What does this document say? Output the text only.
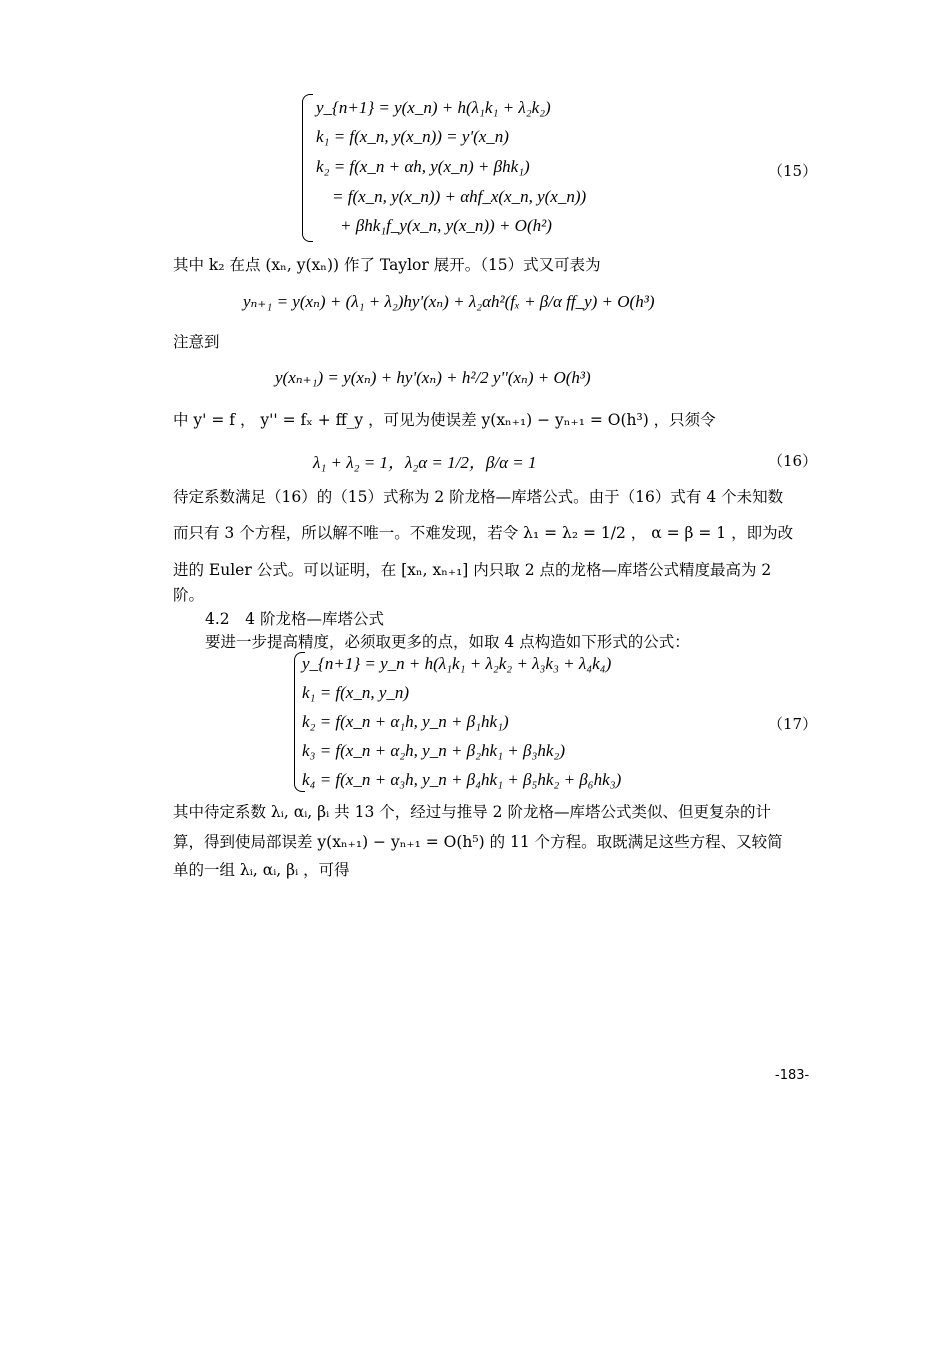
y_{n+1} = y(x_n) + h(λ₁k₁ + λ₂k₂)
k₁ = f(x_n, y(x_n)) = y'(x_n)
k₂ = f(x_n + αh, y(x_n) + βhk₁)
= f(x_n, y(x_n)) + αhf_x(x_n, y(x_n))
+ βhk₁f_y(x_n, y(x_n)) + O(h²)
（15）
其中 k₂ 在点 (xₙ, y(xₙ)) 作了 Taylor 展开。（15）式又可表为
yₙ₊₁ = y(xₙ) + (λ₁ + λ₂)hy'(xₙ) + λ₂αh²(fₓ + β/α ff_y) + O(h³)
注意到
y(xₙ₊₁) = y(xₙ) + hy'(xₙ) + h²/2 y''(xₙ) + O(h³)
中 y' = f ， y'' = fₓ + ff_y ，可见为使误差 y(xₙ₊₁) − yₙ₊₁ = O(h³) ，只须令
λ₁ + λ₂ = 1，λ₂α = 1/2，β/α = 1	（16）
待定系数满足（16）的（15）式称为 2 阶龙格—库塔公式。由于（16）式有 4 个未知数
而只有 3 个方程，所以解不唯一。不难发现，若令 λ₁ = λ₂ = 1/2 ， α = β = 1 ，即为改
进的 Euler 公式。可以证明，在 [xₙ, xₙ₊₁] 内只取 2 点的龙格—库塔公式精度最高为 2
阶。
4.2　4 阶龙格—库塔公式
要进一步提高精度，必须取更多的点，如取 4 点构造如下形式的公式：
y_{n+1} = y_n + h(λ₁k₁ + λ₂k₂ + λ₃k₃ + λ₄k₄)
k₁ = f(x_n, y_n)
k₂ = f(x_n + α₁h, y_n + β₁hk₁)
k₃ = f(x_n + α₂h, y_n + β₂hk₁ + β₃hk₂)
k₄ = f(x_n + α₃h, y_n + β₄hk₁ + β₅hk₂ + β₆hk₃)
（17）
其中待定系数 λᵢ, αᵢ, βᵢ 共 13 个，经过与推导 2 阶龙格—库塔公式类似、但更复杂的计
算，得到使局部误差 y(xₙ₊₁) − yₙ₊₁ = O(h⁵) 的 11 个方程。取既满足这些方程、又较简
单的一组 λᵢ, αᵢ, βᵢ ，可得
-183-
